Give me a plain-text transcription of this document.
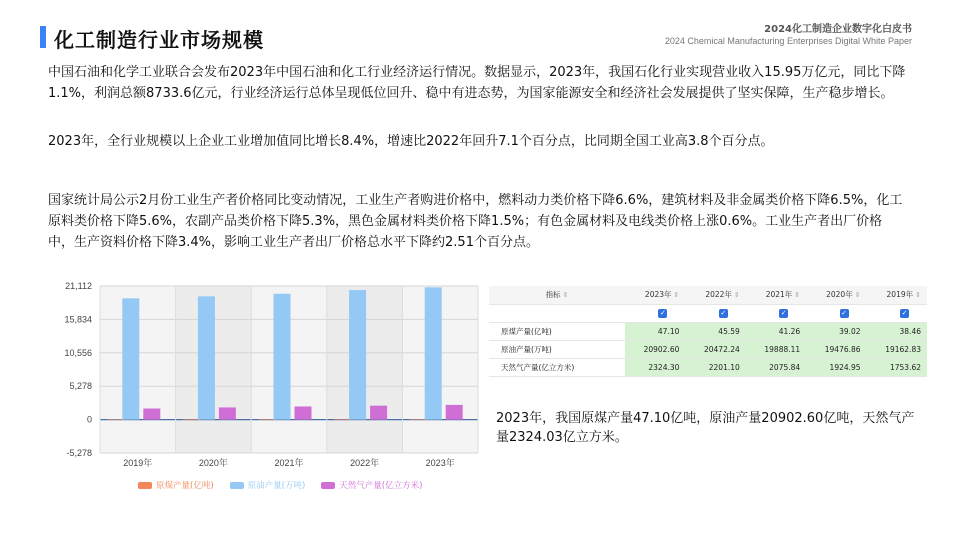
化工制造行业市场规模	2024化工制造企业数字化白皮书
2024 Chemical Manufacturing Enterprises Digital White Paper
中国石油和化学工业联合会发布2023年中国石油和化工行业经济运行情况。数据显示，2023年，我国石化行业实现营业收入15.95万亿元，同比下降1.1%，利润总额8733.6亿元，行业经济运行总体呈现低位回升、稳中有进态势，为国家能源安全和经济社会发展提供了坚实保障，生产稳步增长。
2023年，全行业规模以上企业工业增加值同比增长8.4%，增速比2022年回升7.1个百分点，比同期全国工业高3.8个百分点。
国家统计局公示2月份工业生产者价格同比变动情况，工业生产者购进价格中，燃料动力类价格下降6.6%，建筑材料及非金属类价格下降6.5%，化工原料类价格下降5.6%，农副产品类价格下降5.3%，黑色金属材料类价格下降1.5%；有色金属材料及电线类价格上涨0.6%。工业生产者出厂价格中，生产资料价格下降3.4%，影响工业生产者出厂价格总水平下降约2.51个百分点。
21,112
15,834
10,556
5,278
0
-5,278
2019年	2020年	2021年	2022年	2023年
原煤产量(亿吨)	原油产量(万吨)	天然气产量(亿立方米)
指标 ⇕	2023年 ⇕	2022年 ⇕	2021年 ⇕	2020年 ⇕	2019年 ⇕
	✓	✓	✓	✓	✓
原煤产量(亿吨)	47.10	45.59	41.26	39.02	38.46
原油产量(万吨)	20902.60	20472.24	19888.11	19476.86	19162.83
天然气产量(亿立方米)	2324.30	2201.10	2075.84	1924.95	1753.62
2023年，我国原煤产量47.10亿吨，原油产量20902.60亿吨，天然气产量2324.03亿立方米。
